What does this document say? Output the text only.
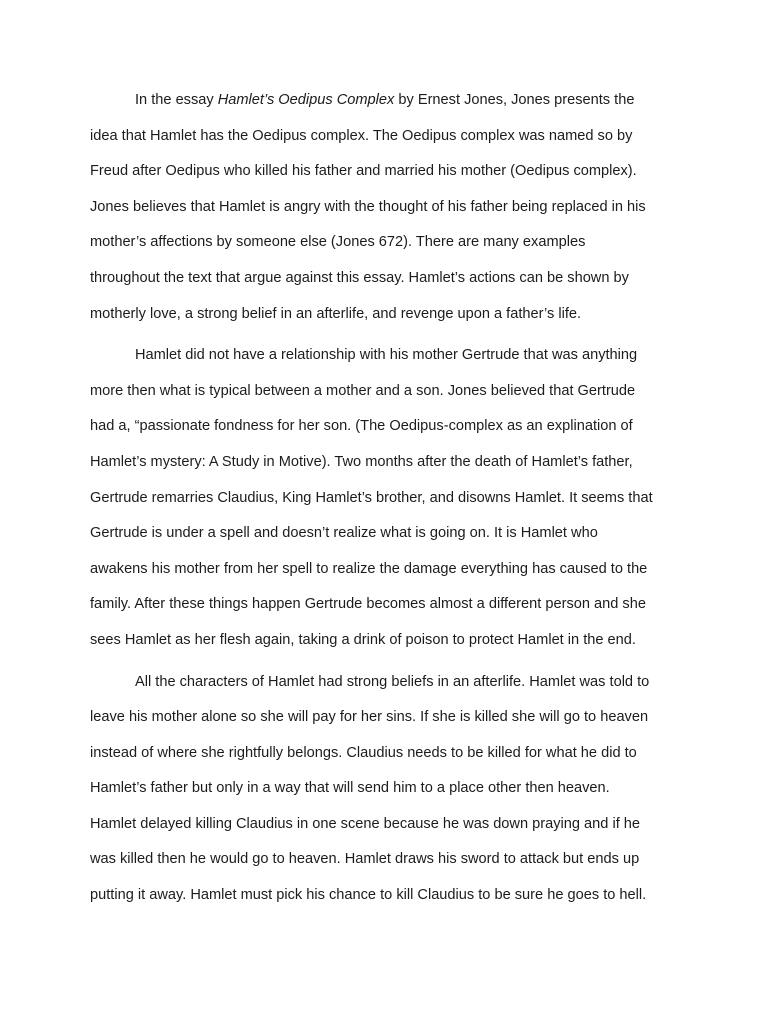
In the essay Hamlet’s Oedipus Complex by Ernest Jones, Jones presents the
idea that Hamlet has the Oedipus complex. The Oedipus complex was named so by
Freud after Oedipus who killed his father and married his mother (Oedipus complex).
Jones believes that Hamlet is angry with the thought of his father being replaced in his
mother’s affections by someone else (Jones 672). There are many examples
throughout the text that argue against this essay. Hamlet’s actions can be shown by
motherly love, a strong belief in an afterlife, and revenge upon a father’s life.
Hamlet did not have a relationship with his mother Gertrude that was anything
more then what is typical between a mother and a son. Jones believed that Gertrude
had a, “passionate fondness for her son. (The Oedipus-complex as an explination of
Hamlet’s mystery: A Study in Motive). Two months after the death of Hamlet’s father,
Gertrude remarries Claudius, King Hamlet’s brother, and disowns Hamlet. It seems that
Gertrude is under a spell and doesn’t realize what is going on. It is Hamlet who
awakens his mother from her spell to realize the damage everything has caused to the
family. After these things happen Gertrude becomes almost a different person and she
sees Hamlet as her flesh again, taking a drink of poison to protect Hamlet in the end.
All the characters of Hamlet had strong beliefs in an afterlife. Hamlet was told to
leave his mother alone so she will pay for her sins. If she is killed she will go to heaven
instead of where she rightfully belongs. Claudius needs to be killed for what he did to
Hamlet’s father but only in a way that will send him to a place other then heaven.
Hamlet delayed killing Claudius in one scene because he was down praying and if he
was killed then he would go to heaven. Hamlet draws his sword to attack but ends up
putting it away. Hamlet must pick his chance to kill Claudius to be sure he goes to hell.
